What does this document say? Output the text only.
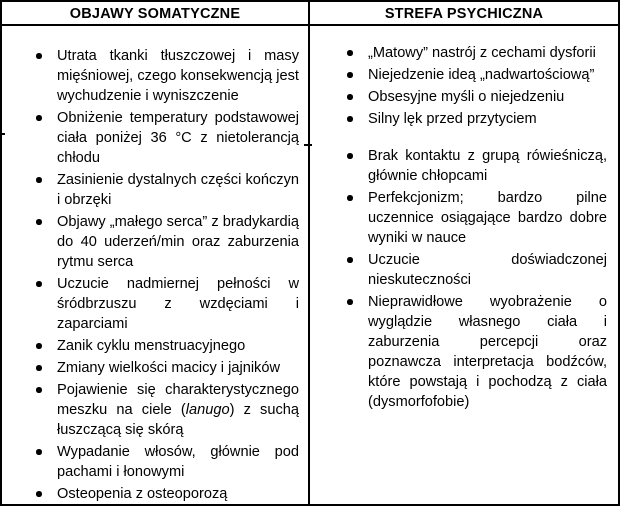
OBJAWY SOMATYCZNE	STREFA PSYCHICZNA
Utrata tkanki tłuszczowej i masy mięśniowej, czego konsekwencją jest wychudzenie i wyniszczenie
Obniżenie temperatury podstawowej ciała poniżej 36 °C z nietolerancją chłodu
Zasinienie dystalnych części kończyn i obrzęki
Objawy „małego serca” z bradykardią do 40 uderzeń/min oraz zaburzenia rytmu serca
Uczucie nadmiernej pełności w śródbrzuszu z wzdęciami i zaparciami
Zanik cyklu menstruacyjnego
Zmiany wielkości macicy i jajników
Pojawienie się charakterystycznego meszku na ciele (lanugo) z suchą łuszczącą się skórą
Wypadanie włosów, głównie pod pachami i łonowymi
Osteopenia z osteoporozą
„Matowy” nastrój z cechami dysforii
Niejedzenie ideą „nadwartościową”
Obsesyjne myśli o niejedzeniu
Silny lęk przed przytyciem
Brak kontaktu z grupą rówieśniczą, głównie chłopcami
Perfekcjonizm; bardzo pilne uczennice osiągające bardzo dobre wyniki w nauce
Uczucie doświadczonej nieskuteczności
Nieprawidłowe wyobrażenie o wyglądzie własnego ciała i zaburzenia percepcji oraz poznawcza interpretacja bodźców, które powstają i pochodzą z ciała (dysmorfofobie)
